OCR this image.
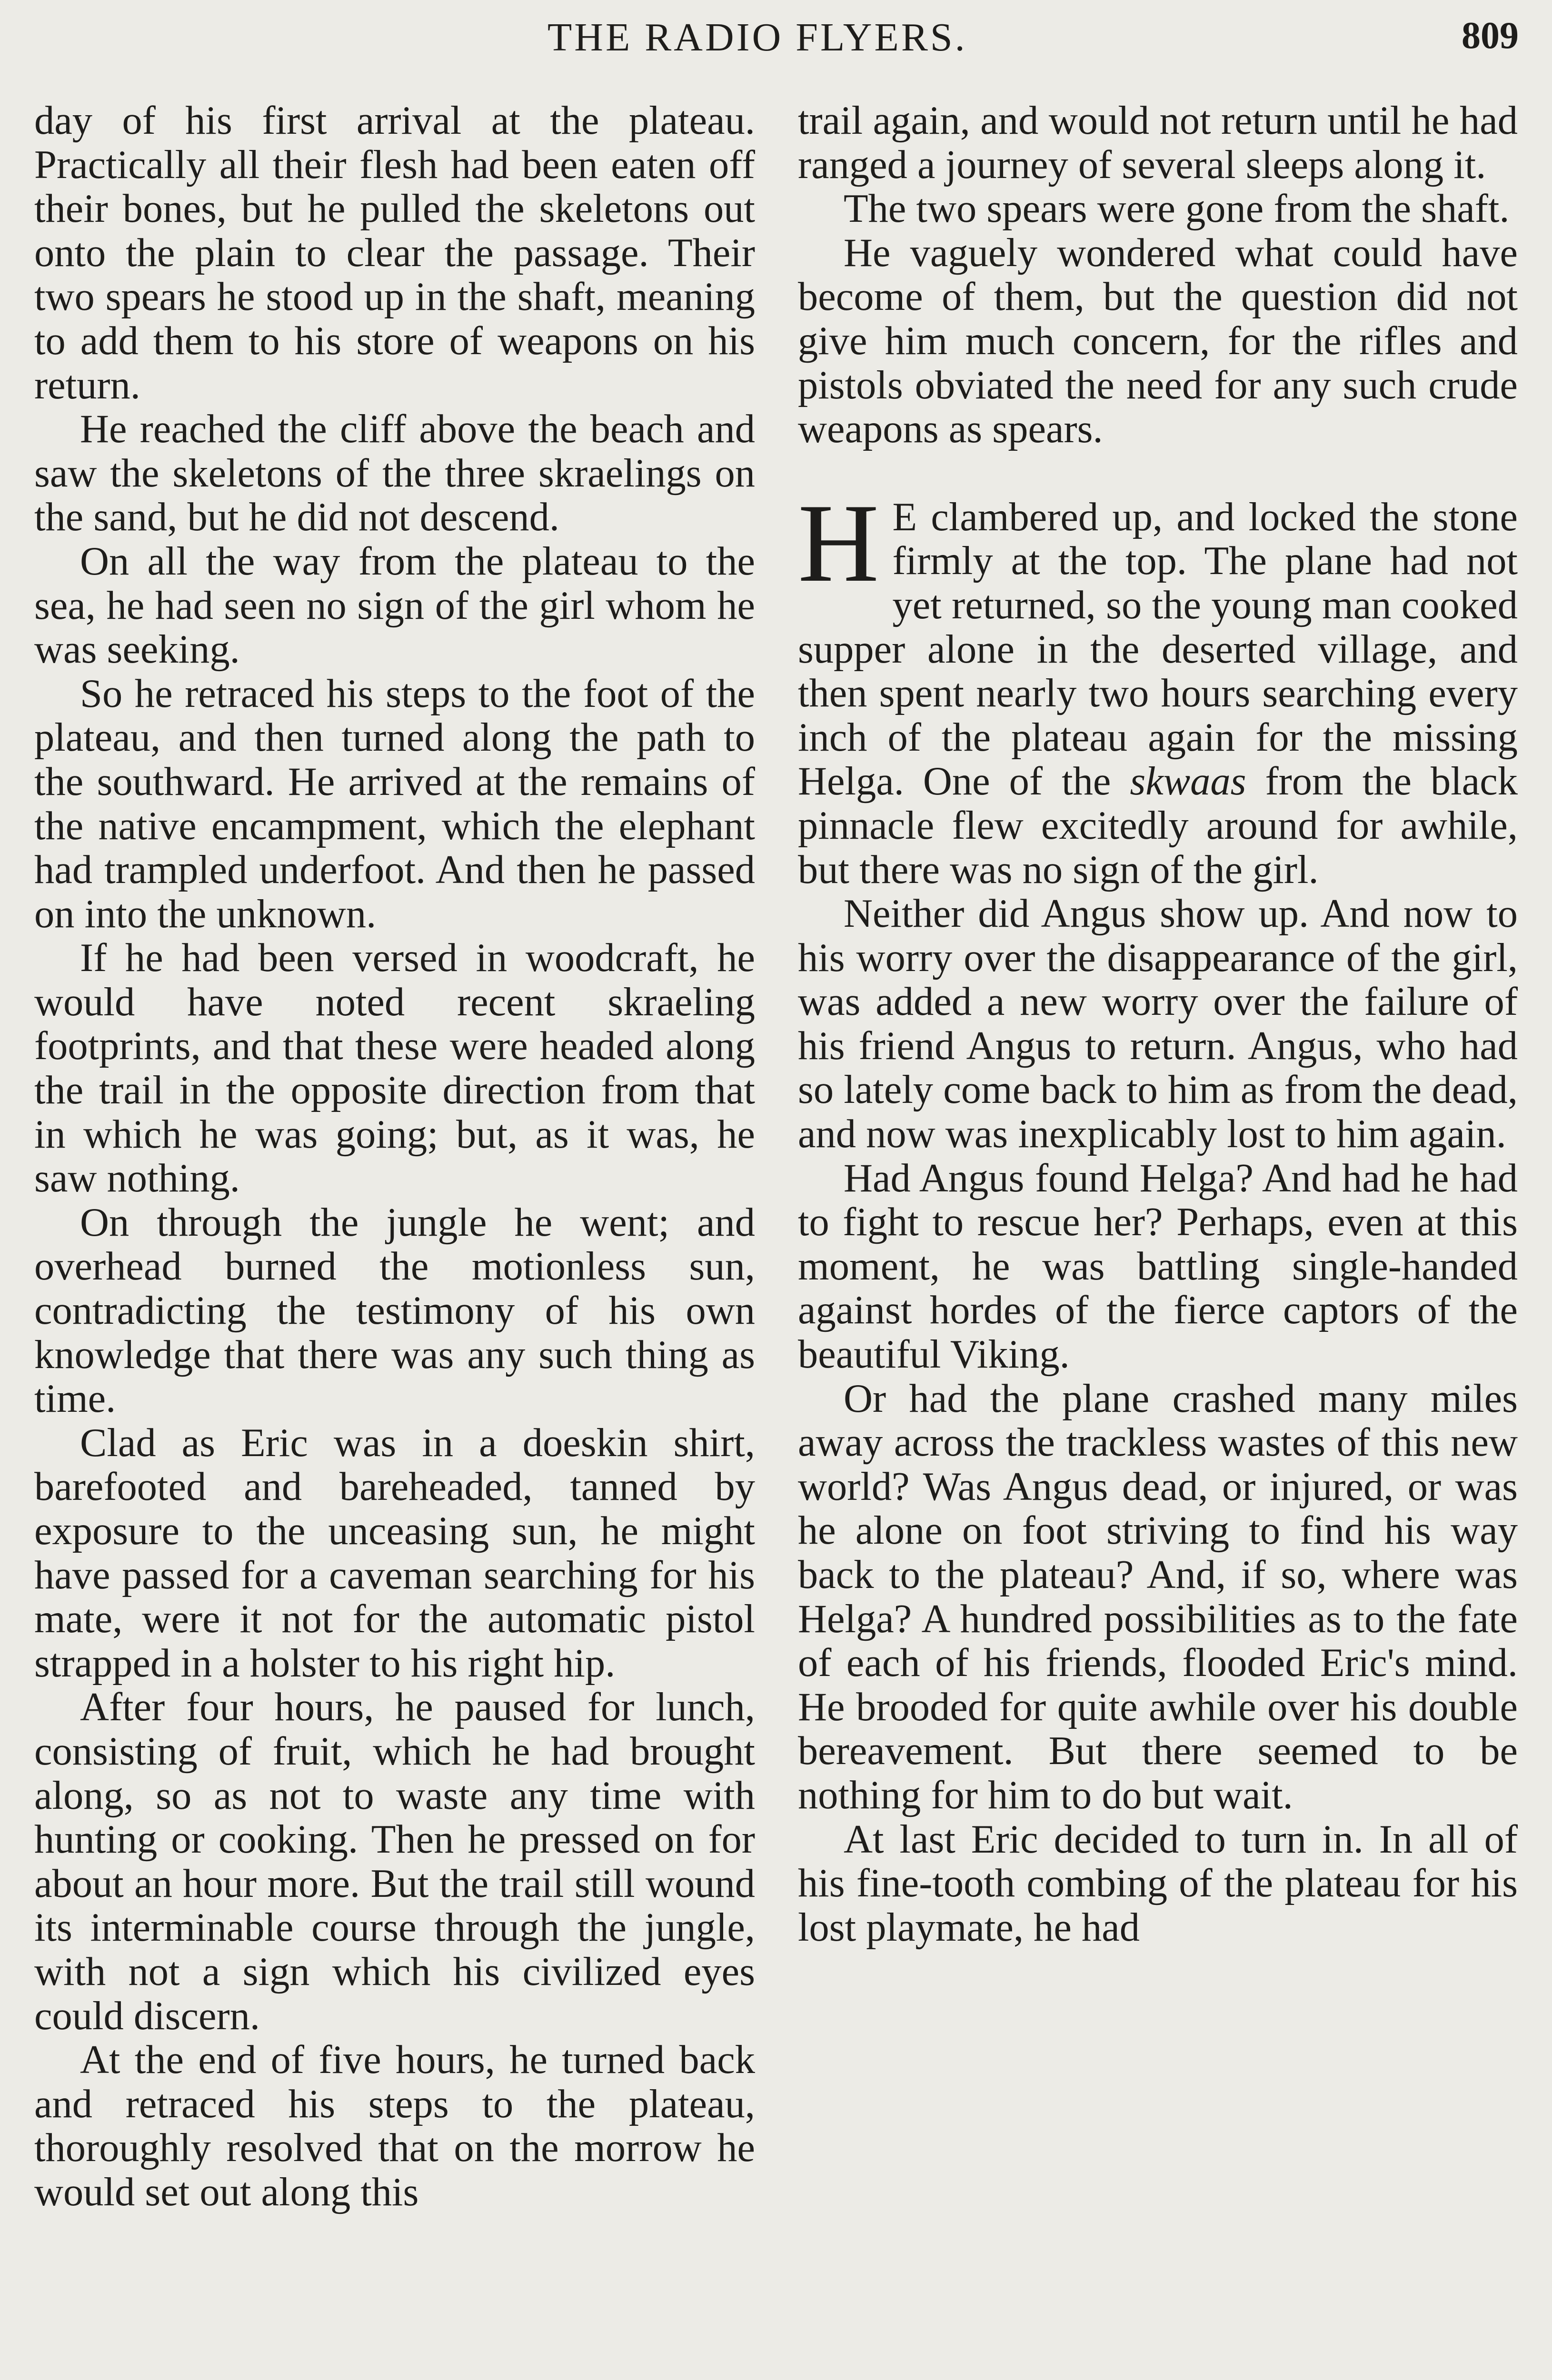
THE RADIO FLYERS.	809

day of his first arrival at the plateau. Practically all their flesh had been eaten off their bones, but he pulled the skeletons out onto the plain to clear the passage. Their two spears he stood up in the shaft, meaning to add them to his store of weapons on his return.

He reached the cliff above the beach and saw the skeletons of the three skraelings on the sand, but he did not descend.

On all the way from the plateau to the sea, he had seen no sign of the girl whom he was seeking.

So he retraced his steps to the foot of the plateau, and then turned along the path to the southward. He arrived at the remains of the native encampment, which the elephant had trampled underfoot. And then he passed on into the unknown.

If he had been versed in woodcraft, he would have noted recent skraeling footprints, and that these were headed along the trail in the opposite direction from that in which he was going; but, as it was, he saw nothing.

On through the jungle he went; and overhead burned the motionless sun, contradicting the testimony of his own knowledge that there was any such thing as time.

Clad as Eric was in a doeskin shirt, barefooted and bareheaded, tanned by exposure to the unceasing sun, he might have passed for a caveman searching for his mate, were it not for the automatic pistol strapped in a holster to his right hip.

After four hours, he paused for lunch, consisting of fruit, which he had brought along, so as not to waste any time with hunting or cooking. Then he pressed on for about an hour more. But the trail still wound its interminable course through the jungle, with not a sign which his civilized eyes could discern.

At the end of five hours, he turned back and retraced his steps to the plateau, thoroughly resolved that on the morrow he would set out along this

trail again, and would not return until he had ranged a journey of several sleeps along it.

The two spears were gone from the shaft.

He vaguely wondered what could have become of them, but the question did not give him much concern, for the rifles and pistols obviated the need for any such crude weapons as spears.

H E clambered up, and locked the stone firmly at the top. The plane had not yet returned, so the young man cooked supper alone in the deserted village, and then spent nearly two hours searching every inch of the plateau again for the missing Helga. One of the skwaas from the black pinnacle flew excitedly around for awhile, but there was no sign of the girl.

Neither did Angus show up. And now to his worry over the disappearance of the girl, was added a new worry over the failure of his friend Angus to return. Angus, who had so lately come back to him as from the dead, and now was inexplicably lost to him again.

Had Angus found Helga? And had he had to fight to rescue her? Perhaps, even at this moment, he was battling single-handed against hordes of the fierce captors of the beautiful Viking.

Or had the plane crashed many miles away across the trackless wastes of this new world? Was Angus dead, or injured, or was he alone on foot striving to find his way back to the plateau? And, if so, where was Helga? A hundred possibilities as to the fate of each of his friends, flooded Eric's mind. He brooded for quite awhile over his double bereavement. But there seemed to be nothing for him to do but wait.

At last Eric decided to turn in. In all of his fine-tooth combing of the plateau for his lost playmate, he had
